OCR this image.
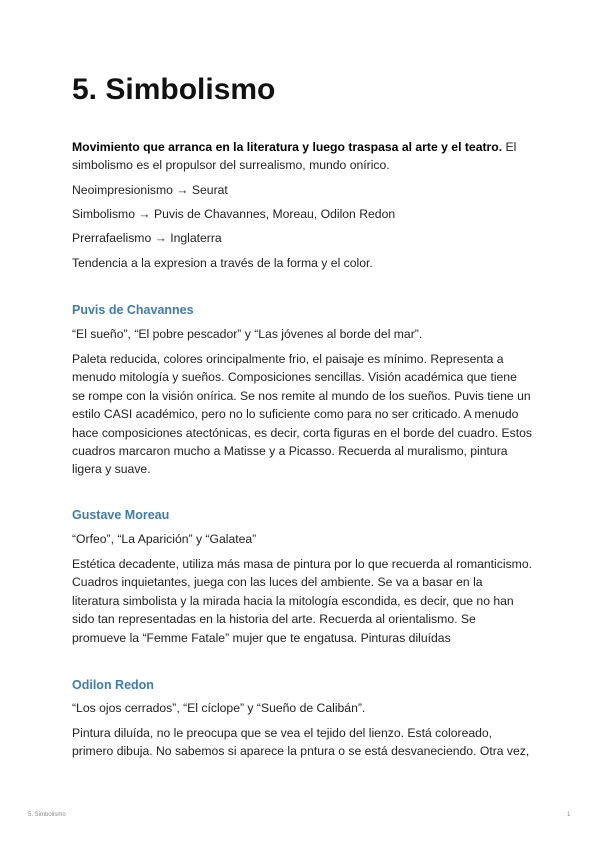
5. Simbolismo

Movimiento que arranca en la literatura y luego traspasa al arte y el teatro. El simbolismo es el propulsor del surrealismo, mundo onírico.

Neoimpresionismo → Seurat

Simbolismo → Puvis de Chavannes, Moreau, Odilon Redon

Prerrafaelismo → Inglaterra

Tendencia a la expresion a través de la forma y el color.

Puvis de Chavannes

“El sueño”, “El pobre pescador” y “Las jóvenes al borde del mar”.

Paleta reducida, colores orincipalmente frio, el paisaje es mínimo. Representa a menudo mitología y sueños. Composiciones sencillas. Visión académica que tiene se rompe con la visión onírica. Se nos remite al mundo de los sueños. Puvis tiene un estilo CASI académico, pero no lo suficiente como para no ser criticado. A menudo hace composiciones atectónicas, es decir, corta figuras en el borde del cuadro. Estos cuadros marcaron mucho a Matisse y a Picasso. Recuerda al muralismo, pintura ligera y suave.

Gustave Moreau

“Orfeo”, “La Aparición” y “Galatea”

Estética decadente, utiliza más masa de pintura por lo que recuerda al romanticismo. Cuadros inquietantes, juega con las luces del ambiente. Se va a basar en la literatura simbolista y la mirada hacia la mitología escondida, es decir, que no han sido tan representadas en la historia del arte. Recuerda al orientalismo. Se promueve la “Femme Fatale” mujer que te engatusa. Pinturas diluídas

Odilon Redon

“Los ojos cerrados”, “El cíclope” y “Sueño de Calibán”.

Pintura diluída, no le preocupa que se vea el tejido del lienzo. Está coloreado, primero dibuja. No sabemos si aparece la pntura o se está desvaneciendo. Otra vez,

5. Simbolismo	1
